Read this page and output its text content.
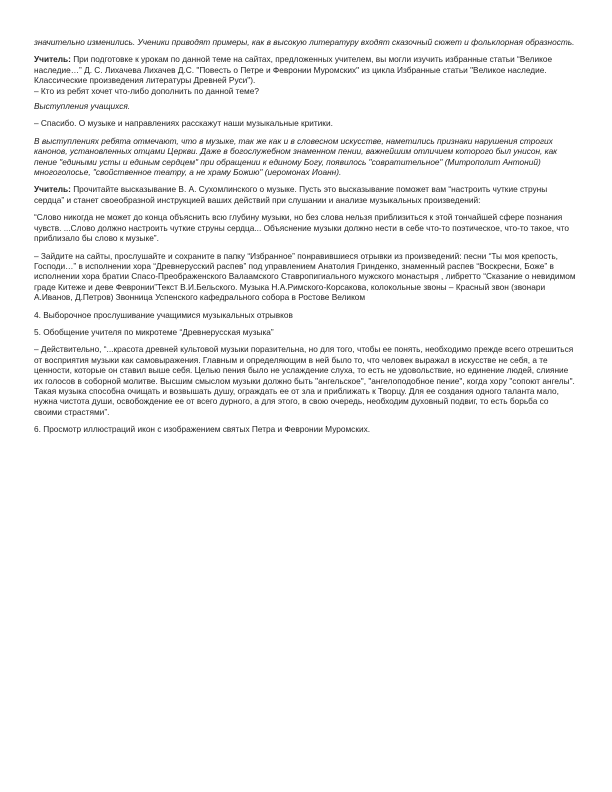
значительно изменились. Ученики приводят примеры, как в высокую литературу входят сказочный сюжет и фольклорная образность.

Учитель: При подготовке к урокам по данной теме на сайтах, предложенных учителем, вы могли изучить избранные статьи “Великое наследие…” Д. С. Лихачева Лихачев Д.С. "Повесть о Петре и Февронии Муромских" из цикла Избранные статьи "Великое наследие. Классические произведения литературы Древней Руси").
– Кто из ребят хочет что-либо дополнить по данной теме?

Выступления учащихся.

– Спасибо. О музыке и направлениях расскажут наши музыкальные критики.

В выступлениях ребята отмечают, что в музыке, так же как и в словесном искусстве, наметились признаки нарушения строгих канонов, установленных отцами Церкви. Даже в богослужебном знаменном пении, важнейшим отличием которого был унисон, как пение "едиными усты и единым сердцем" при обращении к единому Богу, появилось "совратительное" (Митрополит Антоний) многоголосье, "свойственное театру, а не храму Божию" (иеромонах Иоанн).

Учитель: Прочитайте высказывание В. А. Сухомлинского о музыке. Пусть это высказывание поможет вам “настроить чуткие струны сердца” и станет своеобразной инструкцией ваших действий при слушании и анализе музыкальных произведений:

“Слово никогда не может до конца объяснить всю глубину музыки, но без слова нельзя приблизиться к этой тончайшей сфере познания чувств. ...Слово должно настроить чуткие струны сердца... Объяснение музыки должно нести в себе что-то поэтическое, что-то такое, что приблизало бы слово к музыке”.

– Зайдите на сайты, прослушайте и сохраните в папку “Избранное” понравившиеся отрывки из произведений: песни “Ты моя крепость, Господи…” в исполнении хора “Древнерусский распев” под управлением Анатолия Гринденко, знаменный распев “Воскресни, Боже” в исполнении хора братии Спасо-Преображенского Валаамского Ставропигиального мужского монастыря , либретто “Сказание о невидимом граде Китеже и деве Февронии”Текст В.И.Бельского. Музыка Н.А.Римского-Корсакова, колокольные звоны – Красный звон (звонари А.Иванов, Д.Петров) Звонница Успенского кафедрального собора в Ростове Великом

4. Выборочное прослушивание учащимися музыкальных отрывков

5. Обобщение учителя по микротеме “Древнерусская музыка”

– Действительно, “...красота древней культовой музыки поразительна, но для того, чтобы ее понять, необходимо прежде всего отрешиться от восприятия музыки как самовыражения. Главным и определяющим в ней было то, что человек выражал в искусстве не себя, а те ценности, которые он ставил выше себя. Целью пения было не услаждение слуха, то есть не удовольствие, но единение людей, слияние их голосов в соборной молитве. Высшим смыслом музыки должно быть "ангельское", "ангелоподобное пение", когда хору "сопоют ангелы". Такая музыка способна очищать и возвышать душу, ограждать ее от зла и приближать к Творцу. Для ее создания одного таланта мало, нужна чистота души, освобождение ее от всего дурного, а для этого, в свою очередь, необходим духовный подвиг, то есть борьба со своими страстями”.

6. Просмотр иллюстраций икон с изображением святых Петра и Февронии Муромских.
